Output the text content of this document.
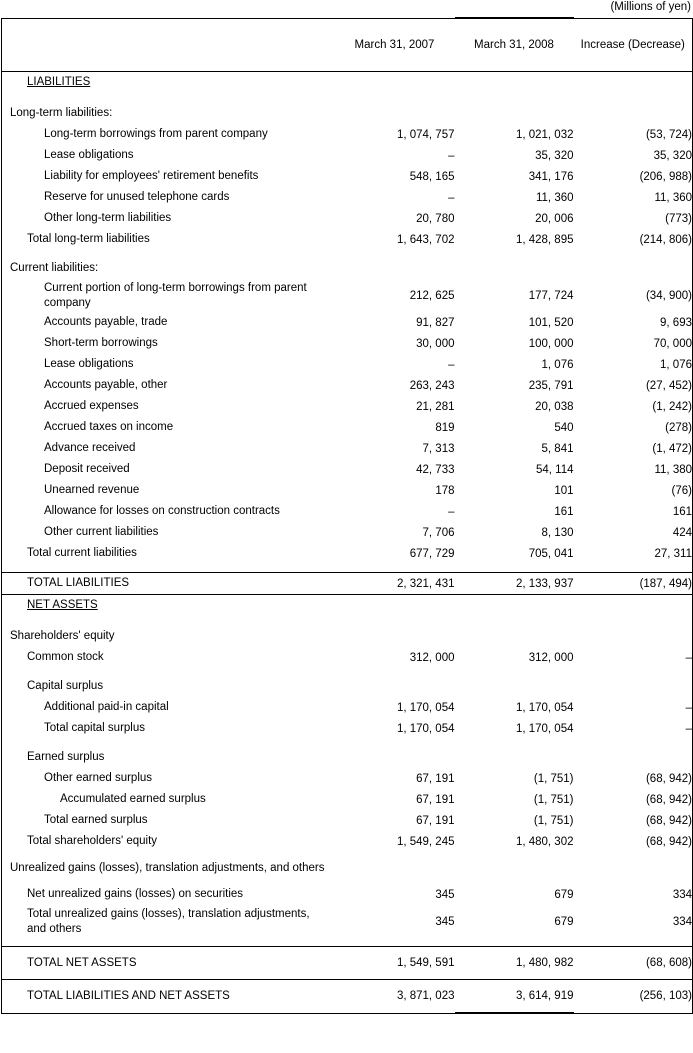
(Millions of yen)
	March 31, 2007	March 31, 2008	Increase (Decrease)

LIABILITIES			

Long-term liabilities:			

Long-term borrowings from parent company	1, 074, 757	1, 021, 032	(53, 724)

Lease obligations	–	35, 320	35, 320

Liability for employees' retirement benefits	548, 165	341, 176	(206, 988)

Reserve for unused telephone cards	–	11, 360	11, 360

Other long-term liabilities	20, 780	20, 006	(773)

Total long-term liabilities	1, 643, 702	1, 428, 895	(214, 806)

Current liabilities:			

Current portion of long-term borrowings from parent company	212, 625	177, 724	(34, 900)

Accounts payable, trade	91, 827	101, 520	9, 693

Short-term borrowings	30, 000	100, 000	70, 000

Lease obligations	–	1, 076	1, 076

Accounts payable, other	263, 243	235, 791	(27, 452)

Accrued expenses	21, 281	20, 038	(1, 242)

Accrued taxes on income	819	540	(278)

Advance received	7, 313	5, 841	(1, 472)

Deposit received	42, 733	54, 114	11, 380

Unearned revenue	178	101	(76)

Allowance for losses on construction contracts	–	161	161

Other current liabilities	7, 706	8, 130	424

Total current liabilities	677, 729	705, 041	27, 311

TOTAL LIABILITIES	2, 321, 431	2, 133, 937	(187, 494)

NET ASSETS			

Shareholders' equity			

Common stock	312, 000	312, 000	–

Capital surplus			

Additional paid-in capital	1, 170, 054	1, 170, 054	–

Total capital surplus	1, 170, 054	1, 170, 054	–

Earned surplus			

Other earned surplus	67, 191	(1, 751)	(68, 942)

Accumulated earned surplus	67, 191	(1, 751)	(68, 942)

Total earned surplus	67, 191	(1, 751)	(68, 942)

Total shareholders' equity	1, 549, 245	1, 480, 302	(68, 942)

Unrealized gains (losses), translation adjustments, and others			

Net unrealized gains (losses) on securities	345	679	334

Total unrealized gains (losses), translation adjustments, and others	345	679	334

TOTAL NET ASSETS	1, 549, 591	1, 480, 982	(68, 608)

TOTAL LIABILITIES AND NET ASSETS	3, 871, 023	3, 614, 919	(256, 103)
